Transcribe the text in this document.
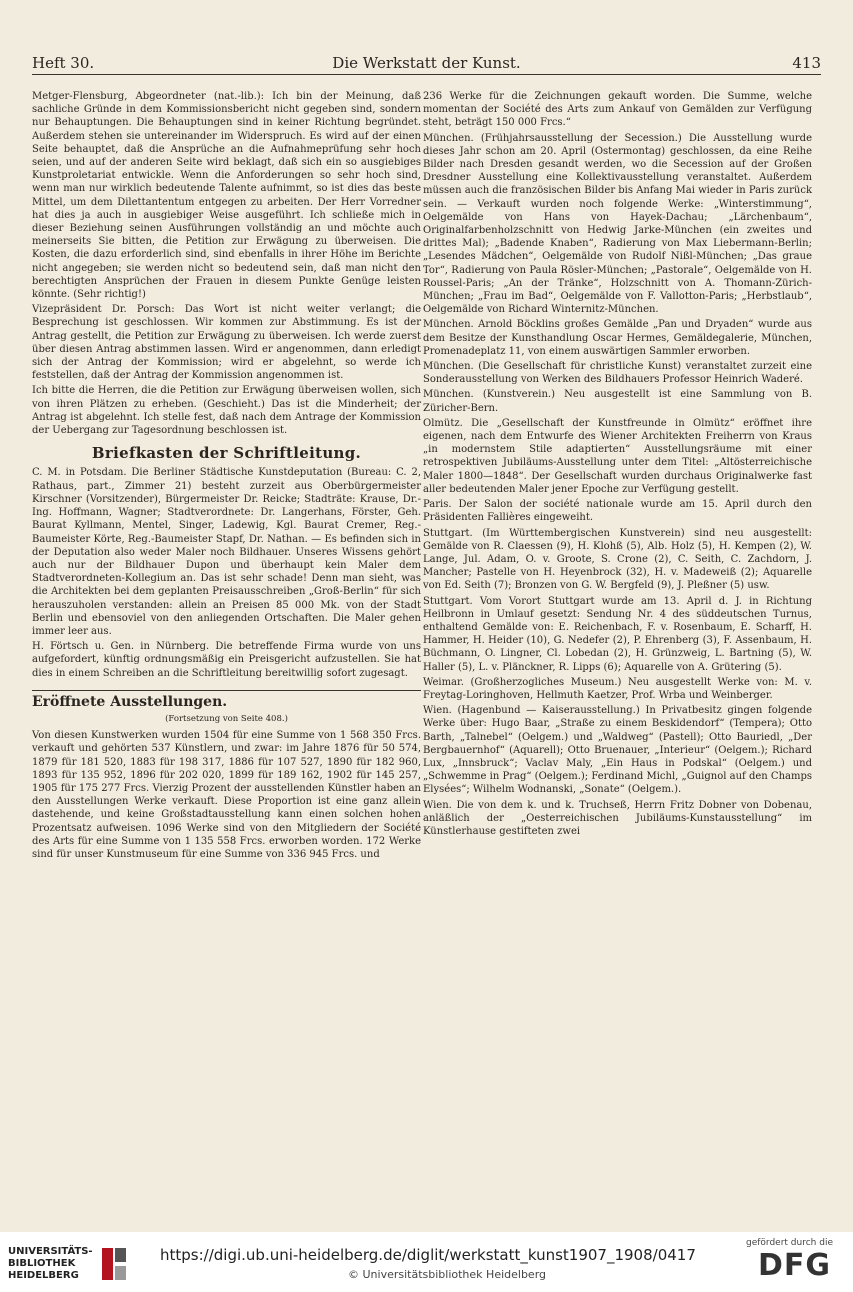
Heft 30.	Die Werkstatt der Kunst.	413

Metger-Flensburg, Abgeordneter (nat.-lib.): Ich bin der Meinung, daß sachliche Gründe in dem Kommissionsbericht nicht gegeben sind, sondern nur Behauptungen. Die Behauptungen sind in keiner Richtung begründet. Außerdem stehen sie untereinander im Widerspruch. Es wird auf der einen Seite behauptet, daß die Ansprüche an die Aufnahmeprüfung sehr hoch seien, und auf der anderen Seite wird beklagt, daß sich ein so ausgiebiges Kunstproletariat entwickle. Wenn die Anforderungen so sehr hoch sind, wenn man nur wirklich bedeutende Talente aufnimmt, so ist dies das beste Mittel, um dem Dilettantentum entgegen zu arbeiten. Der Herr Vorredner hat dies ja auch in ausgiebiger Weise ausgeführt. Ich schließe mich in dieser Beziehung seinen Ausführungen vollständig an und möchte auch meinerseits Sie bitten, die Petition zur Erwägung zu überweisen. Die Kosten, die dazu erforderlich sind, sind ebenfalls in ihrer Höhe im Berichte nicht angegeben; sie werden nicht so bedeutend sein, daß man nicht den berechtigten Ansprüchen der Frauen in diesem Punkte Genüge leisten könnte. (Sehr richtig!)

Vizepräsident Dr. Porsch: Das Wort ist nicht weiter verlangt; die Besprechung ist geschlossen. Wir kommen zur Abstimmung. Es ist der Antrag gestellt, die Petition zur Erwägung zu überweisen. Ich werde zuerst über diesen Antrag abstimmen lassen. Wird er angenommen, dann erledigt sich der Antrag der Kommission; wird er abgelehnt, so werde ich feststellen, daß der Antrag der Kommission angenommen ist.

Ich bitte die Herren, die die Petition zur Erwägung überweisen wollen, sich von ihren Plätzen zu erheben. (Geschieht.) Das ist die Minderheit; der Antrag ist abgelehnt. Ich stelle fest, daß nach dem Antrage der Kommission der Uebergang zur Tagesordnung beschlossen ist.

Briefkasten der Schriftleitung.

C. M. in Potsdam. Die Berliner Städtische Kunstdeputation (Bureau: C. 2, Rathaus, part., Zimmer 21) besteht zurzeit aus Oberbürgermeister Kirschner (Vorsitzender), Bürgermeister Dr. Reicke; Stadträte: Krause, Dr.-Ing. Hoffmann, Wagner; Stadtverordnete: Dr. Langerhans, Förster, Geh. Baurat Kyllmann, Mentel, Singer, Ladewig, Kgl. Baurat Cremer, Reg.-Baumeister Körte, Reg.-Baumeister Stapf, Dr. Nathan. — Es befinden sich in der Deputation also weder Maler noch Bildhauer. Unseres Wissens gehört auch nur der Bildhauer Dupon und überhaupt kein Maler dem Stadtverordneten-Kollegium an. Das ist sehr schade! Denn man sieht, was die Architekten bei dem geplanten Preisausschreiben „Groß-Berlin“ für sich herauszuholen verstanden: allein an Preisen 85 000 Mk. von der Stadt Berlin und ebensoviel von den anliegenden Ortschaften. Die Maler gehen immer leer aus.

H. Förtsch u. Gen. in Nürnberg. Die betreffende Firma wurde von uns aufgefordert, künftig ordnungsmäßig ein Preisgericht aufzustellen. Sie hat dies in einem Schreiben an die Schriftleitung bereitwillig sofort zugesagt.

Eröffnete Ausstellungen.
(Fortsetzung von Seite 408.)

Von diesen Kunstwerken wurden 1504 für eine Summe von 1 568 350 Frcs. verkauft und gehörten 537 Künstlern, und zwar: im Jahre 1876 für 50 574, 1879 für 181 520, 1883 für 198 317, 1886 für 107 527, 1890 für 182 960, 1893 für 135 952, 1896 für 202 020, 1899 für 189 162, 1902 für 145 257, 1905 für 175 277 Frcs. Vierzig Prozent der ausstellenden Künstler haben an den Ausstellungen Werke verkauft. Diese Proportion ist eine ganz allein dastehende, und keine Großstadtausstellung kann einen solchen hohen Prozentsatz aufweisen. 1096 Werke sind von den Mitgliedern der Société des Arts für eine Summe von 1 135 558 Frcs. erworben worden. 172 Werke sind für unser Kunstmuseum für eine Summe von 336 945 Frcs. und

236 Werke für die Zeichnungen gekauft worden. Die Summe, welche momentan der Société des Arts zum Ankauf von Gemälden zur Verfügung steht, beträgt 150 000 Frcs.“

München. (Frühjahrsausstellung der Secession.) Die Ausstellung wurde dieses Jahr schon am 20. April (Ostermontag) geschlossen, da eine Reihe Bilder nach Dresden gesandt werden, wo die Secession auf der Großen Dresdner Ausstellung eine Kollektivausstellung veranstaltet. Außerdem müssen auch die französischen Bilder bis Anfang Mai wieder in Paris zurück sein. — Verkauft wurden noch folgende Werke: „Winterstimmung“, Oelgemälde von Hans von Hayek-Dachau; „Lärchenbaum“, Originalfarbenholzschnitt von Hedwig Jarke-München (ein zweites und drittes Mal); „Badende Knaben“, Radierung von Max Liebermann-Berlin; „Lesendes Mädchen“, Oelgemälde von Rudolf Nißl-München; „Das graue Tor“, Radierung von Paula Rösler-München; „Pastorale“, Oelgemälde von H. Roussel-Paris; „An der Tränke“, Holzschnitt von A. Thomann-Zürich-München; „Frau im Bad“, Oelgemälde von F. Vallotton-Paris; „Herbstlaub“, Oelgemälde von Richard Winternitz-München.

München. Arnold Böcklins großes Gemälde „Pan und Dryaden“ wurde aus dem Besitze der Kunsthandlung Oscar Hermes, Gemäldegalerie, München, Promenadeplatz 11, von einem auswärtigen Sammler erworben.

München. (Die Gesellschaft für christliche Kunst) veranstaltet zurzeit eine Sonderausstellung von Werken des Bildhauers Professor Heinrich Waderé.

München. (Kunstverein.) Neu ausgestellt ist eine Sammlung von B. Züricher-Bern.

Olmütz. Die „Gesellschaft der Kunstfreunde in Olmütz“ eröffnet ihre eigenen, nach dem Entwurfe des Wiener Architekten Freiherrn von Kraus „in modernstem Stile adaptierten“ Ausstellungsräume mit einer retrospektiven Jubiläums-Ausstellung unter dem Titel: „Altösterreichische Maler 1800—1848“. Der Gesellschaft wurden durchaus Originalwerke fast aller bedeutenden Maler jener Epoche zur Verfügung gestellt.

Paris. Der Salon der société nationale wurde am 15. April durch den Präsidenten Fallières eingeweiht.

Stuttgart. (Im Württembergischen Kunstverein) sind neu ausgestellt: Gemälde von R. Claessen (9), H. Klohß (5), Alb. Holz (5), H. Kempen (2), W. Lange, Jul. Adam, O. v. Groote, S. Crone (2), C. Seith, C. Zachdorn, J. Mancher; Pastelle von H. Heyenbrock (32), H. v. Madeweiß (2); Aquarelle von Ed. Seith (7); Bronzen von G. W. Bergfeld (9), J. Pleßner (5) usw.

Stuttgart. Vom Vorort Stuttgart wurde am 13. April d. J. in Richtung Heilbronn in Umlauf gesetzt: Sendung Nr. 4 des süddeutschen Turnus, enthaltend Gemälde von: E. Reichenbach, F. v. Rosenbaum, E. Scharff, H. Hammer, H. Heider (10), G. Nedefer (2), P. Ehrenberg (3), F. Assenbaum, H. Büchmann, O. Lingner, Cl. Lobedan (2), H. Grünzweig, L. Bartning (5), W. Haller (5), L. v. Plänckner, R. Lipps (6); Aquarelle von A. Grütering (5).

Weimar. (Großherzogliches Museum.) Neu ausgestellt Werke von: M. v. Freytag-Loringhoven, Hellmuth Kaetzer, Prof. Wrba und Weinberger.

Wien. (Hagenbund — Kaiserausstellung.) In Privatbesitz gingen folgende Werke über: Hugo Baar, „Straße zu einem Beskidendorf“ (Tempera); Otto Barth, „Talnebel“ (Oelgem.) und „Waldweg“ (Pastell); Otto Bauriedl, „Der Bergbauernhof“ (Aquarell); Otto Bruenauer, „Interieur“ (Oelgem.); Richard Lux, „Innsbruck“; Vaclav Maly, „Ein Haus in Podskal“ (Oelgem.) und „Schwemme in Prag“ (Oelgem.); Ferdinand Michl, „Guignol auf den Champs Elysées“; Wilhelm Wodnanski, „Sonate“ (Oelgem.).

Wien. Die von dem k. und k. Truchseß, Herrn Fritz Dobner von Dobenau, anläßlich der „Oesterreichischen Jubiläums-Kunstausstellung“ im Künstlerhause gestifteten zwei

UNIVERSITÄTS-
BIBLIOTHEK
HEIDELBERG
https://digi.ub.uni-heidelberg.de/diglit/werkstatt_kunst1907_1908/0417
© Universitätsbibliothek Heidelberg
gefördert durch die
DFG
